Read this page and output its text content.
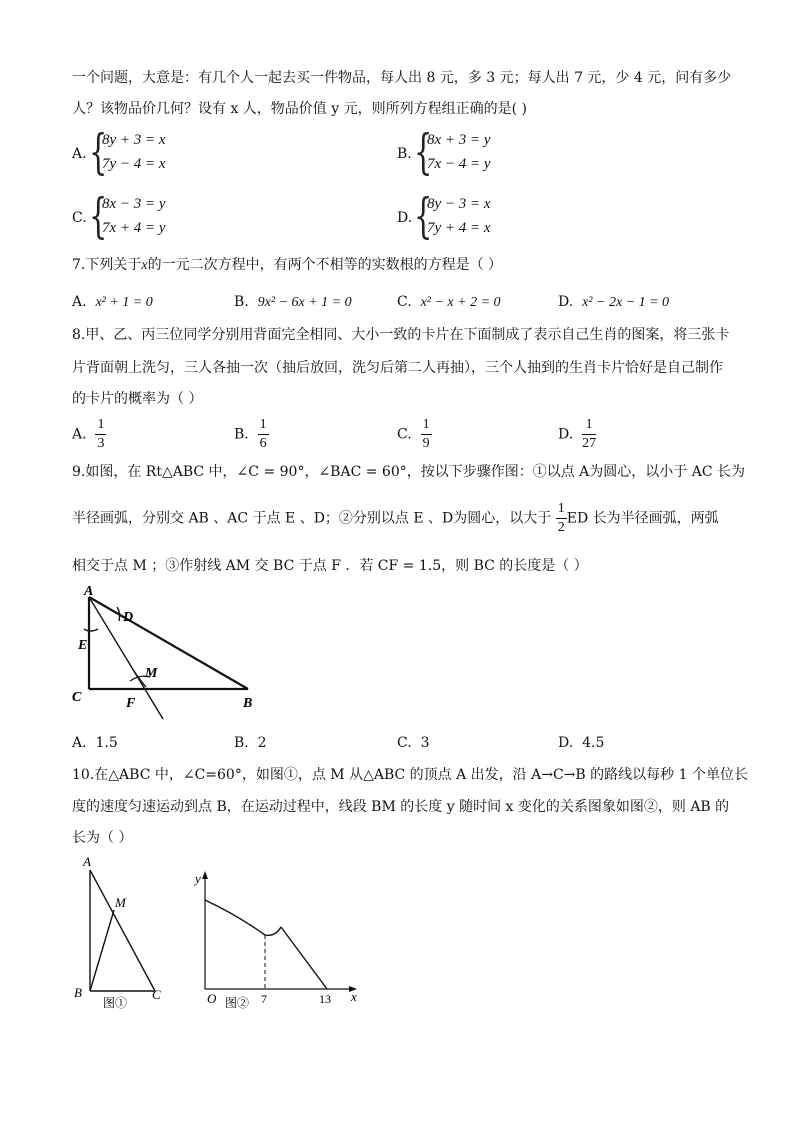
一个问题，大意是：有几个人一起去买一件物品，每人出 8 元，多 3 元；每人出 7 元，少 4 元，问有多少
人？该物品价几何？设有 x 人，物品价值 y 元，则所列方程组正确的是( )
A. {
8y + 3 = x
7y − 4 = x
B. {
8x + 3 = y
7x − 4 = y
C. {
8x − 3 = y
7x + 4 = y
D. {
8y − 3 = x
7y + 4 = x
7.下列关于x的一元二次方程中，有两个不相等的实数根的方程是（ ）
A. x² + 1 = 0	B. 9x² − 6x + 1 = 0	C. x² − x + 2 = 0	D. x² − 2x − 1 = 0
8.甲、乙、丙三位同学分别用背面完全相同、大小一致的卡片在下面制成了表示自己生肖的图案，将三张卡
片背面朝上洗匀，三人各抽一次（抽后放回，洗匀后第二人再抽），三个人抽到的生肖卡片恰好是自己制作
的卡片的概率为（ ）
A. $\frac{1}{3}$	B. $\frac{1}{6}$	C. $\frac{1}{9}$	D. $\frac{1}{27}$
9.如图，在 Rt△ABC 中，∠C = 90°，∠BAC = 60°，按以下步骤作图：①以点 A为圆心，以小于 AC 长为
半径画弧，分别交 AB 、AC 于点 E 、D；②分别以点 E 、D为圆心，以大于 $\frac{1}{2}$ ED 长为半径画弧，两弧
相交于点 M ；③作射线 AM 交 BC 于点 F ．若 CF = 1.5，则 BC 的长度是（ ）
A
D
E
M
C	F	B
A. 1.5	B. 2	C. 3	D. 4.5
10.在△ABC 中，∠C=60°，如图①，点 M 从△ABC 的顶点 A 出发，沿 A→C→B 的路线以每秒 1 个单位长
度的速度匀速运动到点 B，在运动过程中，线段 BM 的长度 y 随时间 x 变化的关系图象如图②，则 AB 的
长为（ ）
A
M
B	C
图①
y
x
O	7	13
图②
